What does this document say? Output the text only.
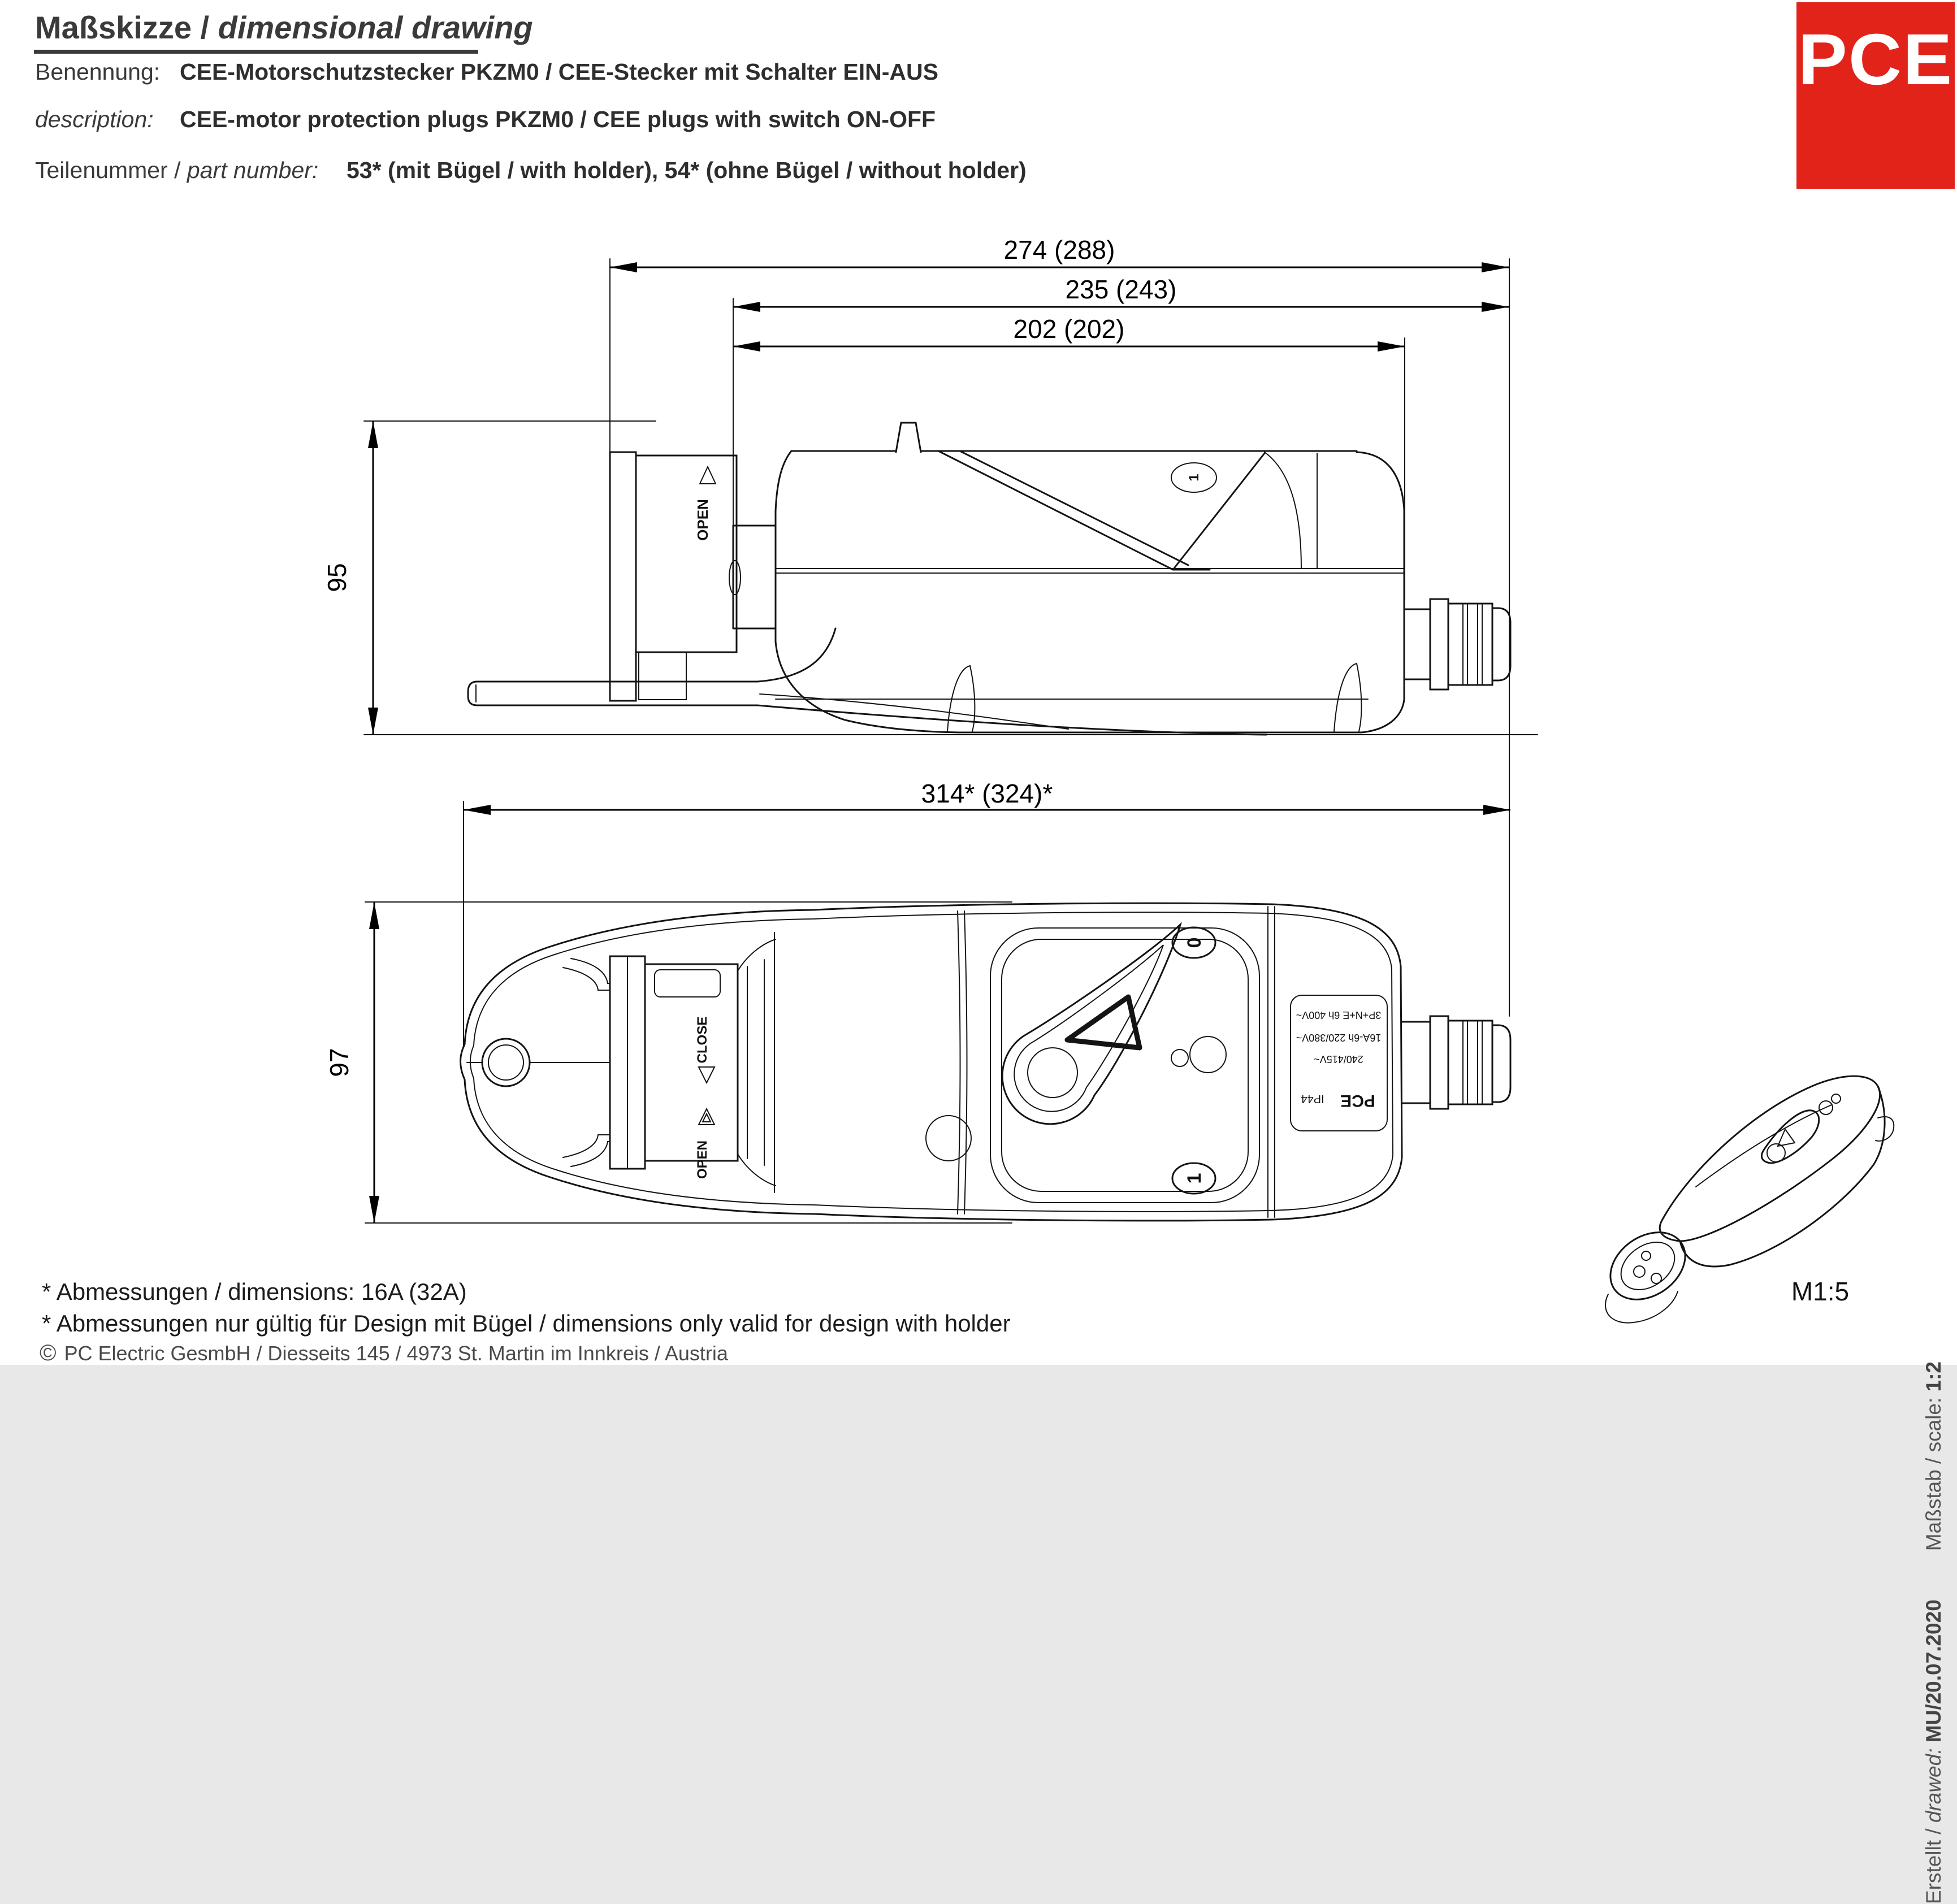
Maßskizze / dimensional drawing
Benennung: CEE-Motorschutzstecker PKZM0 / CEE-Stecker mit Schalter EIN-AUS
description: CEE-motor protection plugs PKZM0 / CEE plugs with switch ON-OFF
Teilenummer / part number: 53* (mit Bügel / with holder), 54* (ohne Bügel / without holder)
PCE
274 (288)
235 (243)
202 (202)
95
314* (324)*
97
OPEN
1
CLOSE
OPEN
0
1
3P+N+E 6h 400V~
16A-6h 220/380V~
240/415V~
IP44 PCE
M1:5
* Abmessungen / dimensions: 16A (32A)
* Abmessungen nur gültig für Design mit Bügel / dimensions only valid for design with holder
© PC Electric GesmbH / Diesseits 145 / 4973 St. Martin im Innkreis / Austria
Erstellt / drawed: MU/20.07.2020Maßstab / scale: 1:2
